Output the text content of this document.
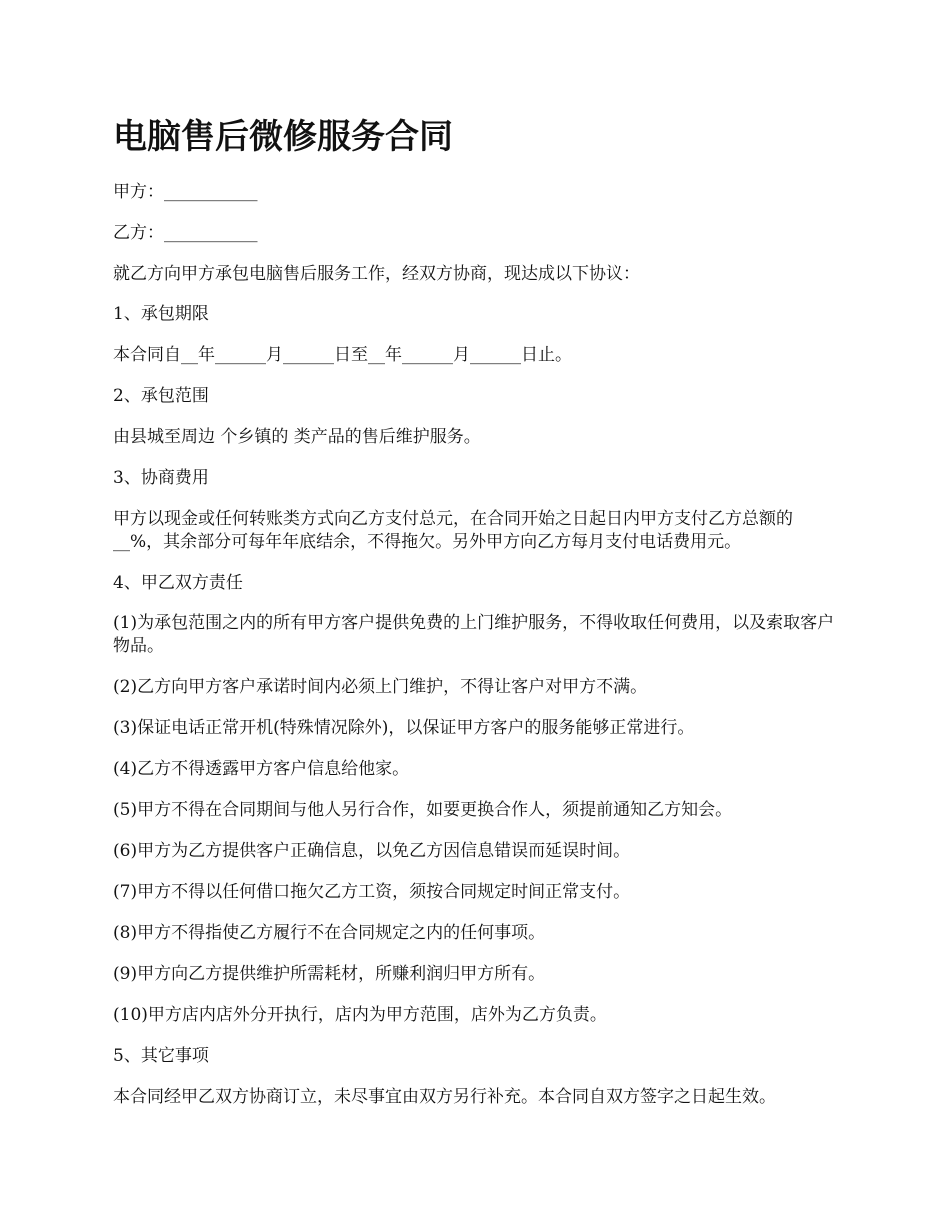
电脑售后微修服务合同

甲方：___________

乙方：___________

就乙方向甲方承包电脑售后服务工作，经双方协商，现达成以下协议：

1、承包期限

本合同自__年______月______日至__年______月______日止。

2、承包范围

由县城至周边 个乡镇的 类产品的售后维护服务。

3、协商费用

甲方以现金或任何转账类方式向乙方支付总元，在合同开始之日起日内甲方支付乙方总额的__%，其余部分可每年年底结余，不得拖欠。另外甲方向乙方每月支付电话费用元。

4、甲乙双方责任

(1)为承包范围之内的所有甲方客户提供免费的上门维护服务，不得收取任何费用，以及索取客户物品。

(2)乙方向甲方客户承诺时间内必须上门维护，不得让客户对甲方不满。

(3)保证电话正常开机(特殊情况除外)，以保证甲方客户的服务能够正常进行。

(4)乙方不得透露甲方客户信息给他家。

(5)甲方不得在合同期间与他人另行合作，如要更换合作人，须提前通知乙方知会。

(6)甲方为乙方提供客户正确信息，以免乙方因信息错误而延误时间。

(7)甲方不得以任何借口拖欠乙方工资，须按合同规定时间正常支付。

(8)甲方不得指使乙方履行不在合同规定之内的任何事项。

(9)甲方向乙方提供维护所需耗材，所赚利润归甲方所有。

(10)甲方店内店外分开执行，店内为甲方范围，店外为乙方负责。

5、其它事项

本合同经甲乙双方协商订立，未尽事宜由双方另行补充。本合同自双方签字之日起生效。
